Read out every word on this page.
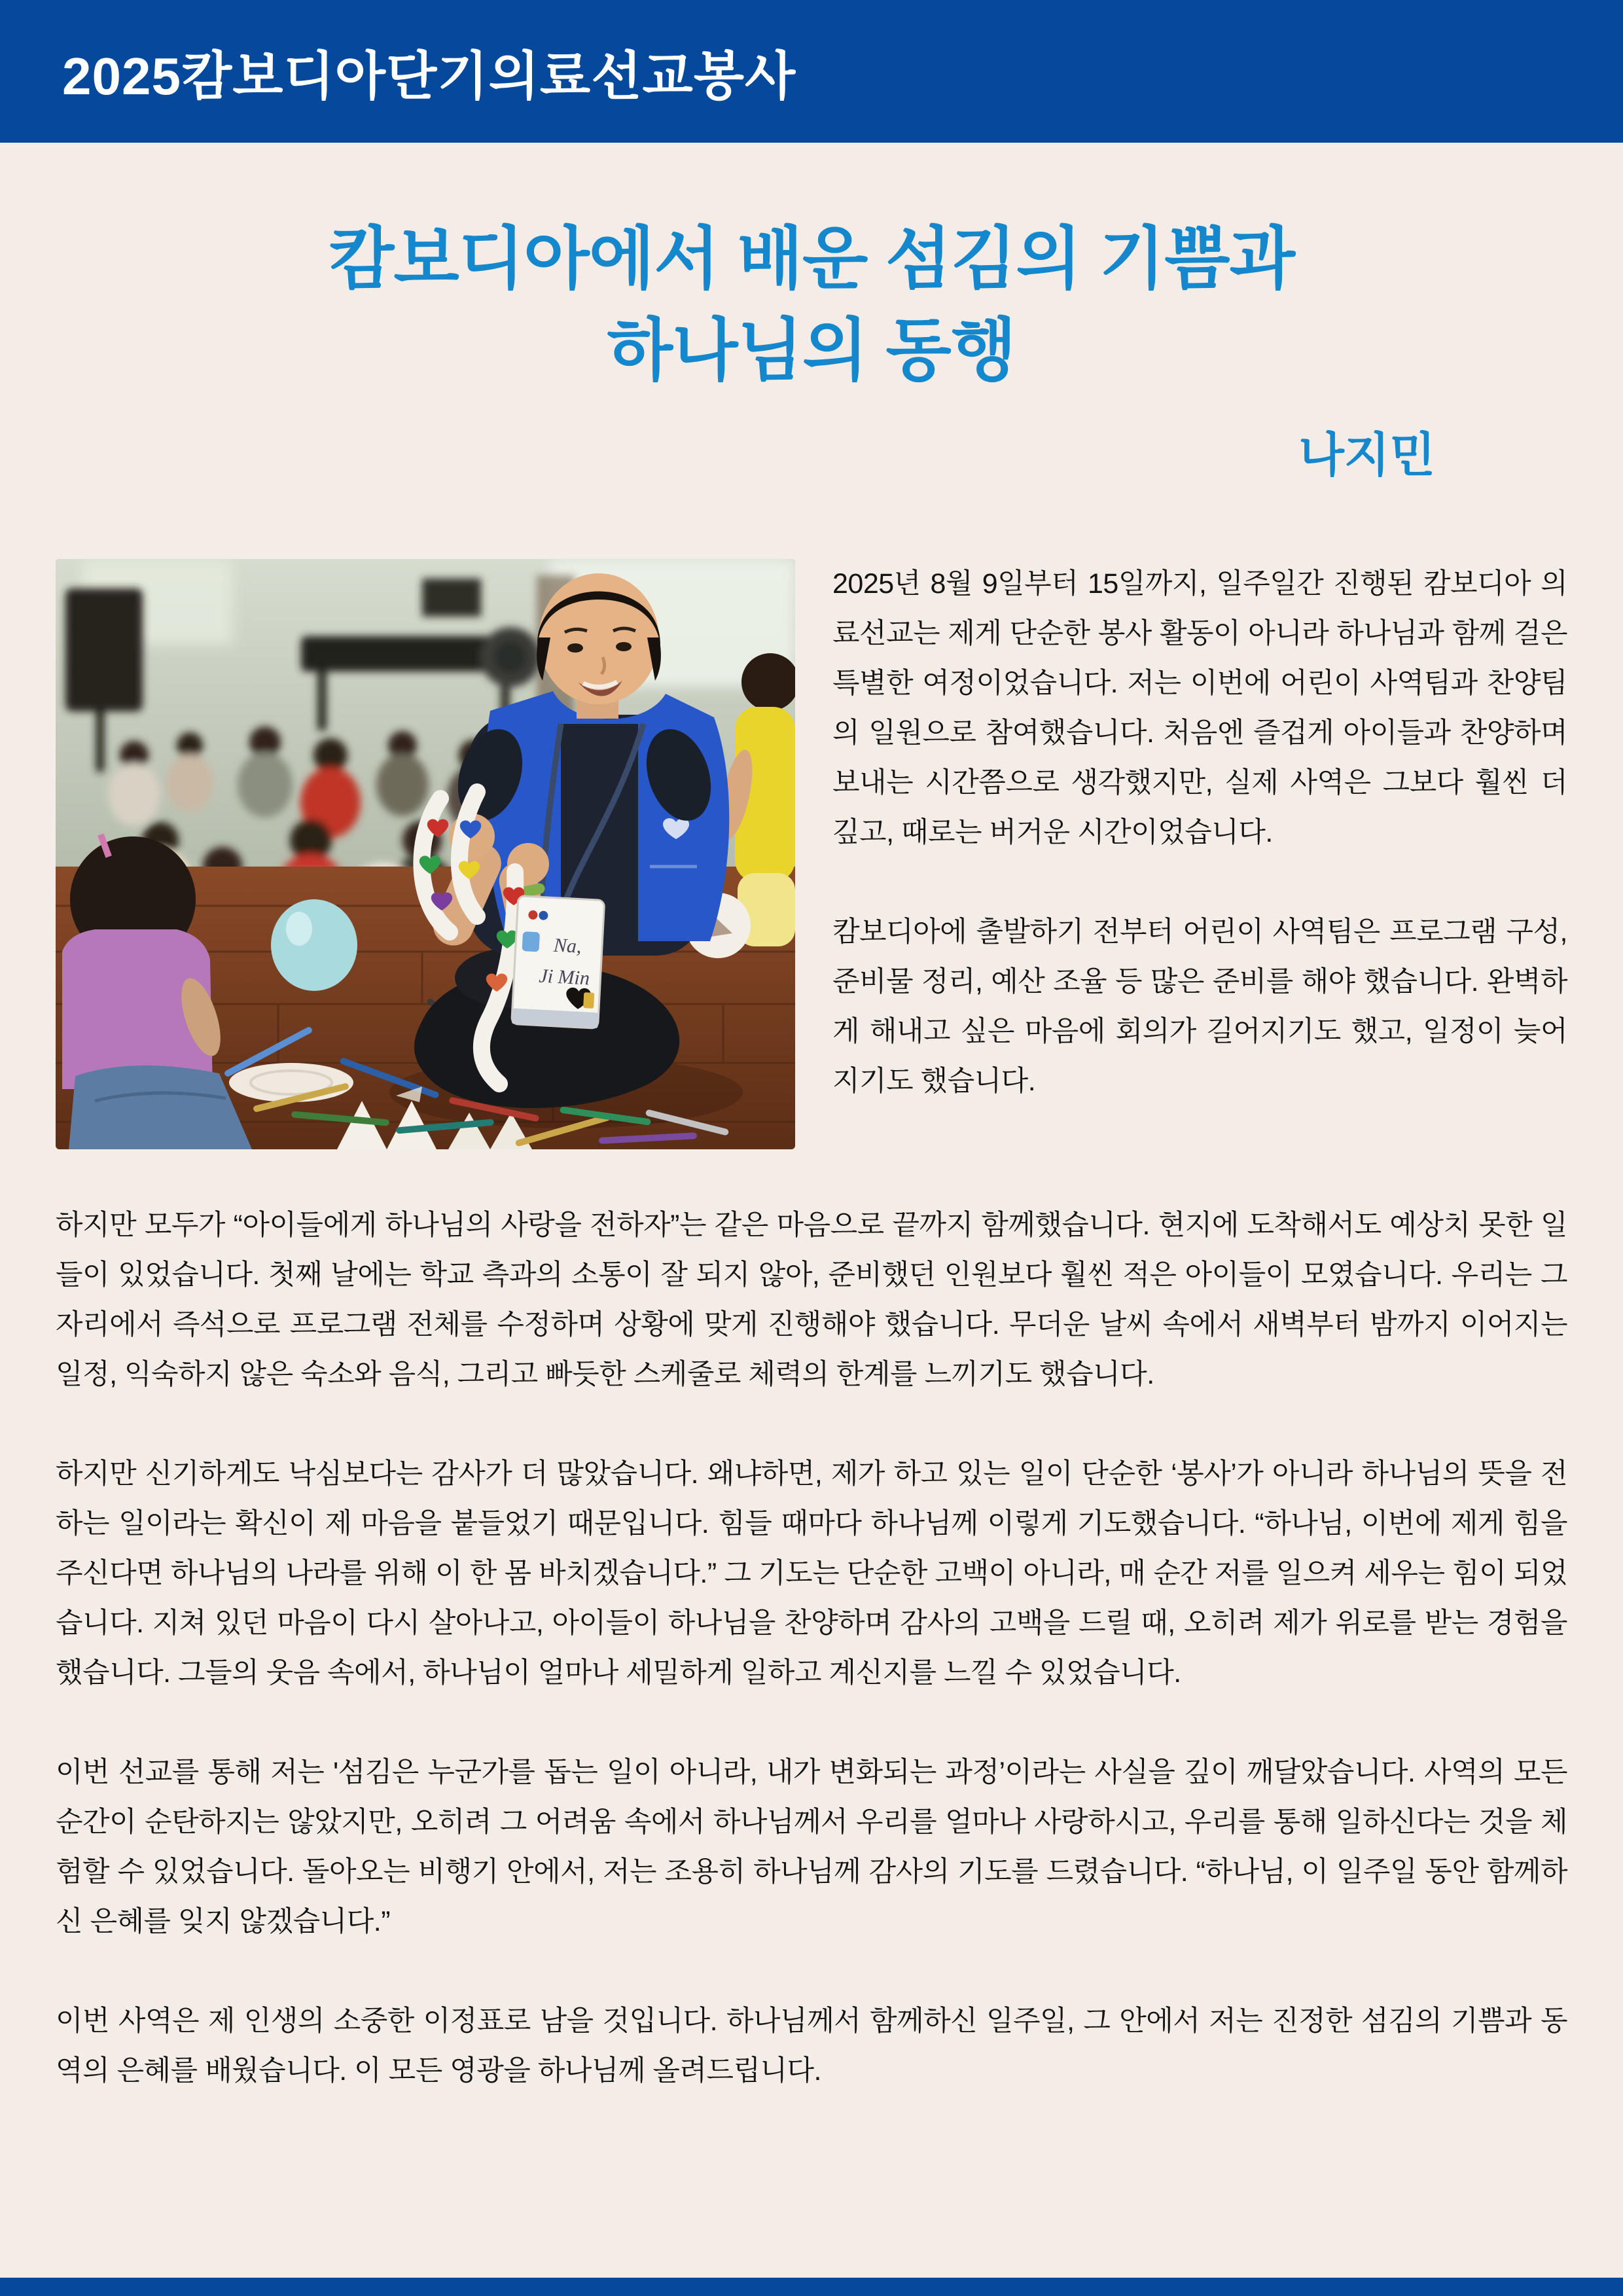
2025캄보디아단기의료선교봉사
캄보디아에서 배운 섬김의 기쁨과
하나님의 동행
나지민
Na,
Ji Min

2025년 8월 9일부터 15일까지, 일주일간 진행된 캄보디아 의료선교는 제게 단순한 봉사 활동이 아니라 하나님과 함께 걸은 특별한 여정이었습니다. 저는 이번에 어린이 사역팀과 찬양팀의 일원으로 참여했습니다. 처음엔 즐겁게 아이들과 찬양하며 보내는 시간쯤으로 생각했지만, 실제 사역은 그보다 훨씬 더 깊고, 때로는 버거운 시간이었습니다.

캄보디아에 출발하기 전부터 어린이 사역팀은 프로그램 구성, 준비물 정리, 예산 조율 등 많은 준비를 해야 했습니다. 완벽하게 해내고 싶은 마음에 회의가 길어지기도 했고, 일정이 늦어지기도 했습니다.

하지만 모두가 “아이들에게 하나님의 사랑을 전하자”는 같은 마음으로 끝까지 함께했습니다. 현지에 도착해서도 예상치 못한 일들이 있었습니다. 첫째 날에는 학교 측과의 소통이 잘 되지 않아, 준비했던 인원보다 훨씬 적은 아이들이 모였습니다. 우리는 그 자리에서 즉석으로 프로그램 전체를 수정하며 상황에 맞게 진행해야 했습니다. 무더운 날씨 속에서 새벽부터 밤까지 이어지는 일정, 익숙하지 않은 숙소와 음식, 그리고 빠듯한 스케줄로 체력의 한계를 느끼기도 했습니다.

하지만 신기하게도 낙심보다는 감사가 더 많았습니다. 왜냐하면, 제가 하고 있는 일이 단순한 ‘봉사’가 아니라 하나님의 뜻을 전하는 일이라는 확신이 제 마음을 붙들었기 때문입니다. 힘들 때마다 하나님께 이렇게 기도했습니다. “하나님, 이번에 제게 힘을 주신다면 하나님의 나라를 위해 이 한 몸 바치겠습니다.” 그 기도는 단순한 고백이 아니라, 매 순간 저를 일으켜 세우는 힘이 되었습니다. 지쳐 있던 마음이 다시 살아나고, 아이들이 하나님을 찬양하며 감사의 고백을 드릴 때, 오히려 제가 위로를 받는 경험을 했습니다. 그들의 웃음 속에서, 하나님이 얼마나 세밀하게 일하고 계신지를 느낄 수 있었습니다.

이번 선교를 통해 저는 '섬김은 누군가를 돕는 일이 아니라, 내가 변화되는 과정’이라는 사실을 깊이 깨달았습니다. 사역의 모든 순간이 순탄하지는 않았지만, 오히려 그 어려움 속에서 하나님께서 우리를 얼마나 사랑하시고, 우리를 통해 일하신다는 것을 체험할 수 있었습니다. 돌아오는 비행기 안에서, 저는 조용히 하나님께 감사의 기도를 드렸습니다. “하나님, 이 일주일 동안 함께하신 은혜를 잊지 않겠습니다.”

이번 사역은 제 인생의 소중한 이정표로 남을 것입니다. 하나님께서 함께하신 일주일, 그 안에서 저는 진정한 섬김의 기쁨과 동역의 은혜를 배웠습니다. 이 모든 영광을 하나님께 올려드립니다.
